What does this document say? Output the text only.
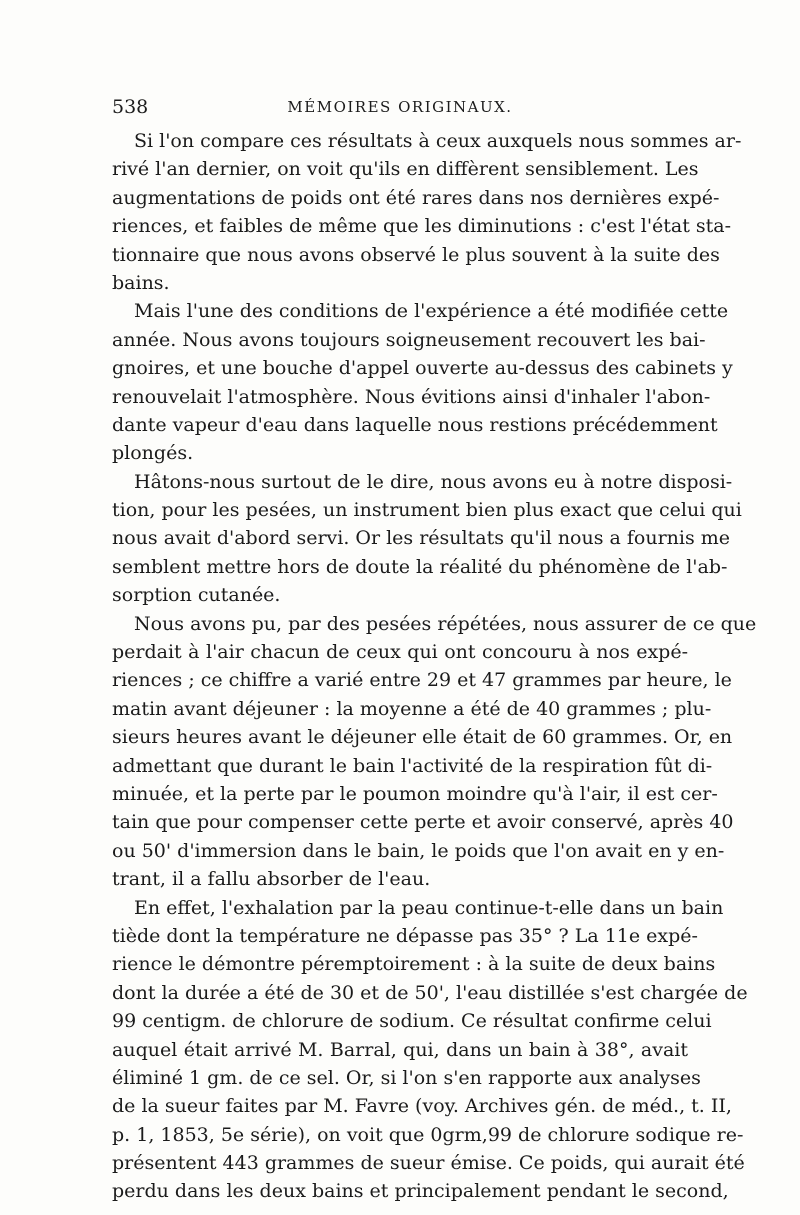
538	MÉMOIRES ORIGINAUX.
Si l'on compare ces résultats à ceux auxquels nous sommes ar-
rivé l'an dernier, on voit qu'ils en diffèrent sensiblement. Les
augmentations de poids ont été rares dans nos dernières expé-
riences, et faibles de même que les diminutions : c'est l'état sta-
tionnaire que nous avons observé le plus souvent à la suite des
bains.
Mais l'une des conditions de l'expérience a été modifiée cette
année. Nous avons toujours soigneusement recouvert les bai-
gnoires, et une bouche d'appel ouverte au-dessus des cabinets y
renouvelait l'atmosphère. Nous évitions ainsi d'inhaler l'abon-
dante vapeur d'eau dans laquelle nous restions précédemment
plongés.
Hâtons-nous surtout de le dire, nous avons eu à notre disposi-
tion, pour les pesées, un instrument bien plus exact que celui qui
nous avait d'abord servi. Or les résultats qu'il nous a fournis me
semblent mettre hors de doute la réalité du phénomène de l'ab-
sorption cutanée.
Nous avons pu, par des pesées répétées, nous assurer de ce que
perdait à l'air chacun de ceux qui ont concouru à nos expé-
riences ; ce chiffre a varié entre 29 et 47 grammes par heure, le
matin avant déjeuner : la moyenne a été de 40 grammes ; plu-
sieurs heures avant le déjeuner elle était de 60 grammes. Or, en
admettant que durant le bain l'activité de la respiration fût di-
minuée, et la perte par le poumon moindre qu'à l'air, il est cer-
tain que pour compenser cette perte et avoir conservé, après 40
ou 50' d'immersion dans le bain, le poids que l'on avait en y en-
trant, il a fallu absorber de l'eau.
En effet, l'exhalation par la peau continue-t-elle dans un bain
tiède dont la température ne dépasse pas 35° ? La 11e expé-
rience le démontre péremptoirement : à la suite de deux bains
dont la durée a été de 30 et de 50', l'eau distillée s'est chargée de
99 centigm. de chlorure de sodium. Ce résultat confirme celui
auquel était arrivé M. Barral, qui, dans un bain à 38°, avait
éliminé 1 gm. de ce sel. Or, si l'on s'en rapporte aux analyses
de la sueur faites par M. Favre (voy. Archives gén. de méd., t. II,
p. 1, 1853, 5e série), on voit que 0grm,99 de chlorure sodique re-
présentent 443 grammes de sueur émise. Ce poids, qui aurait été
perdu dans les deux bains et principalement pendant le second,
